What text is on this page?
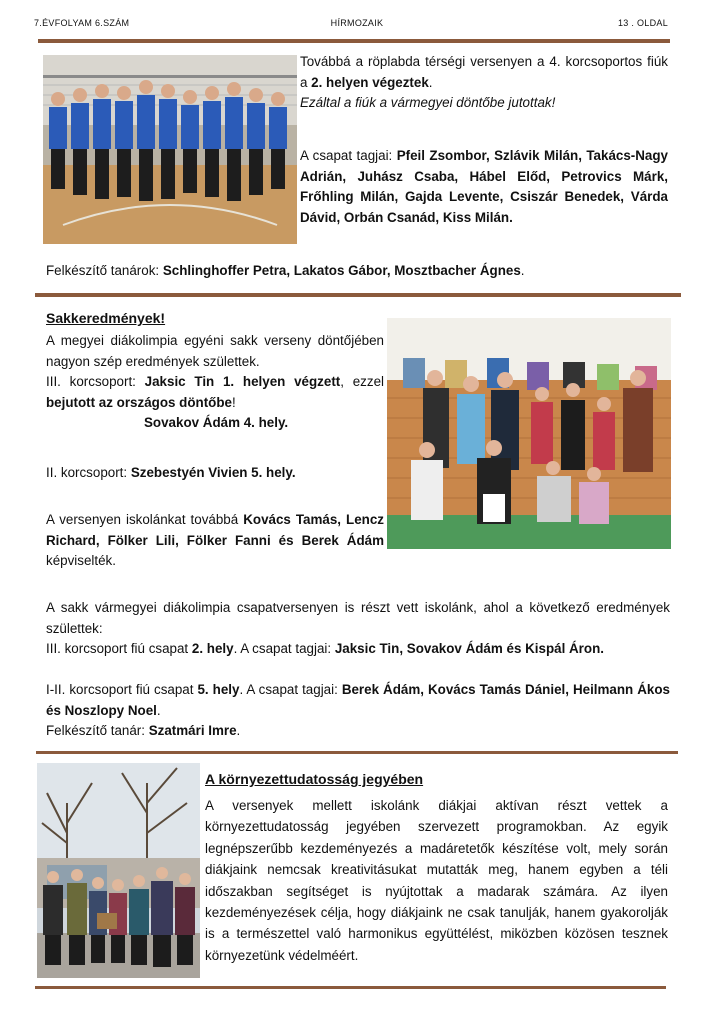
7.ÉVFOLYAM 6.SZÁM	HÍRMOZAIK	13 . OLDAL
Továbbá a röplabda térségi versenyen a 4. korcsoportos fiúk a 2. helyen végeztek.
Ezáltal a fiúk a vármegyei döntőbe jutottak!
A csapat tagjai: Pfeil Zsombor, Szlávik Milán, Takács-Nagy Adrián, Juhász Csaba, Hábel Előd, Petrovics Márk, Frőhling Milán, Gajda Levente, Csiszár Benedek, Várda Dávid, Orbán Csanád, Kiss Milán.
Felkészítő tanárok: Schlinghoffer Petra, Lakatos Gábor, Mosztbacher Ágnes.
Sakkeredmények!
A megyei diákolimpia egyéni sakk verseny döntőjében nagyon szép eredmények születtek.
III. korcsoport: Jaksic Tin 1. helyen végzett, ezzel bejutott az országos döntőbe!

Sovakov Ádám 4. hely.
II. korcsoport: Szebestyén Vivien 5. hely.
A versenyen iskolánkat továbbá Kovács Tamás, Lencz Richard, Fölker Lili, Fölker Fanni és Berek Ádám képviselték.
A sakk vármegyei diákolimpia csapatversenyen is részt vett iskolánk, ahol a következő eredmények születtek:
III. korcsoport fiú csapat 2. hely. A csapat tagjai: Jaksic Tin, Sovakov Ádám és Kispál Áron.
I-II. korcsoport fiú csapat 5. hely. A csapat tagjai: Berek Ádám, Kovács Tamás Dániel, Heilmann Ákos és Noszlopy Noel.
Felkészítő tanár: Szatmári Imre.
A környezettudatosság jegyében
A versenyek mellett iskolánk diákjai aktívan részt vettek a környezettudatosság jegyében szervezett programokban. Az egyik legnépszerűbb kezdeményezés a madáretetők készítése volt, mely során diákjaink nemcsak kreativitásukat mutatták meg, hanem egyben a téli időszakban segítséget is nyújtottak a madarak számára. Az ilyen kezdeményezések célja, hogy diákjaink ne csak tanulják, hanem gyakorolják is a természettel való harmonikus együttélést, miközben közösen tesznek környezetünk védelméért.
